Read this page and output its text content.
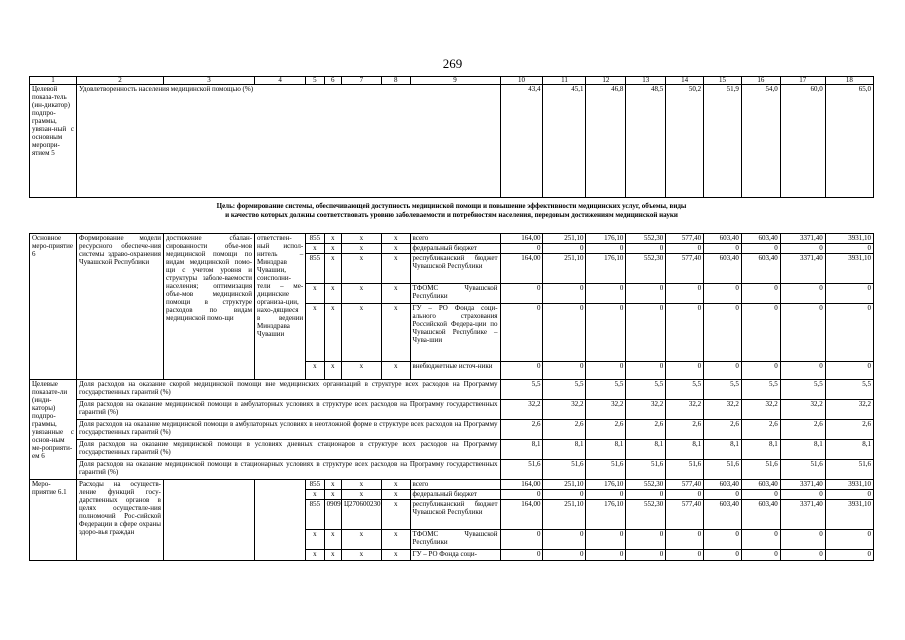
269
1	2	3	4	5	6	7	8	9	10	11	12	13	14	15	16	17	18
Целевой показа-тель (ин-дикатор) подпро-граммы, увязан-ный с основным меропри-ятием 5	Удовлетворенность населения медицинской помощью (%)								43,4	45,1	46,8	48,5	50,2	51,9	54,0	60,0	65,0
Цель: формирование системы, обеспечивающей доступность медицинской помощи и повышение эффективности медицинских услуг, объемы, виды
и качество которых должны соответствовать уровню заболеваемости и потребностям населения, передовым достижениям медицинской науки
Основное меро-приятие 6	Формирование модели ресурсного обеспече-ния системы здраво-охранения Чувашской Республики	достижение сбалан-сированности объе-мов медицинской помощи по видам медицинской помо-щи с учетом уровня и структуры заболе-ваемости населения; оптимизация объе-мов медицинской помощи в структуре расходов по видам медицинской помо-щи	ответствен-ный испол-нитель – Минздрав Чувашии, соисполни-тели – ме-дицинские организа-ции, нахо-дящиеся в ведении Минздрава Чувашии	855	x	x	x	всего	164,00	251,10	176,10	552,30	577,40	603,40	603,40	3371,40	3931,10
				x	x	x	x	федеральный бюджет	0	0	0	0	0	0	0	0	0
				855	x	x	x	республиканский бюджет Чувашской Республики	164,00	251,10	176,10	552,30	577,40	603,40	603,40	3371,40	3931,10
				x	x	x	x	ТФОМС Чувашской Республики	0	0	0	0	0	0	0	0	0
				x	x	x	x	ГУ – РО Фонда соци-ального страхования Российской Федера-ции по Чувашской Республике – Чува-шии	0	0	0	0	0	0	0	0	0
				x	x	x	x	внебюджетные источ-ники	0	0	0	0	0	0	0	0	0
Целевые показате-ли (инди-каторы) подпро-граммы, увязанные с основ-ным ме-роприяти-ем 6	Доля расходов на оказание скорой медицинской помощи вне медицинских организаций в структуре всех расходов на Программу государственных гарантий (%)								5,5	5,5	5,5	5,5	5,5	5,5	5,5	5,5	5,5
	Доля расходов на оказание медицинской помощи в амбулаторных условиях в структуре всех расходов на Программу государственных гарантий (%)								32,2	32,2	32,2	32,2	32,2	32,2	32,2	32,2	32,2
	Доля расходов на оказание медицинской помощи в амбулаторных условиях в неотложной форме в структуре всех расходов на Программу государственных гарантий (%)								2,6	2,6	2,6	2,6	2,6	2,6	2,6	2,6	2,6
	Доля расходов на оказание медицинской помощи в условиях дневных стационаров в структуре всех расходов на Программу государственных гарантий (%)								8,1	8,1	8,1	8,1	8,1	8,1	8,1	8,1	8,1
	Доля расходов на оказание медицинской помощи в стационарных условиях в структуре всех расходов на Программу государственных гарантий (%)								51,6	51,6	51,6	51,6	51,6	51,6	51,6	51,6	51,6
Меро-приятие 6.1	Расходы на осуществ-ление функций госу-дарственных органов в целях осуществле-ния полномочий Рос-сийской Федерации в сфере охраны здоро-вья граждан			855	x	x	x	всего	164,00	251,10	176,10	552,30	577,40	603,40	603,40	3371,40	3931,10
				x	x	x	x	федеральный бюджет	0	0	0	0	0	0	0	0	0
				855	0909	Ц270600230	x	республиканский бюджет Чувашской Республики	164,00	251,10	176,10	552,30	577,40	603,40	603,40	3371,40	3931,10
				x	x	x	x	ТФОМС Чувашской Республики	0	0	0	0	0	0	0	0	0
				x	x	x	x	ГУ – РО Фонда соци-	0	0	0	0	0	0	0	0	0
